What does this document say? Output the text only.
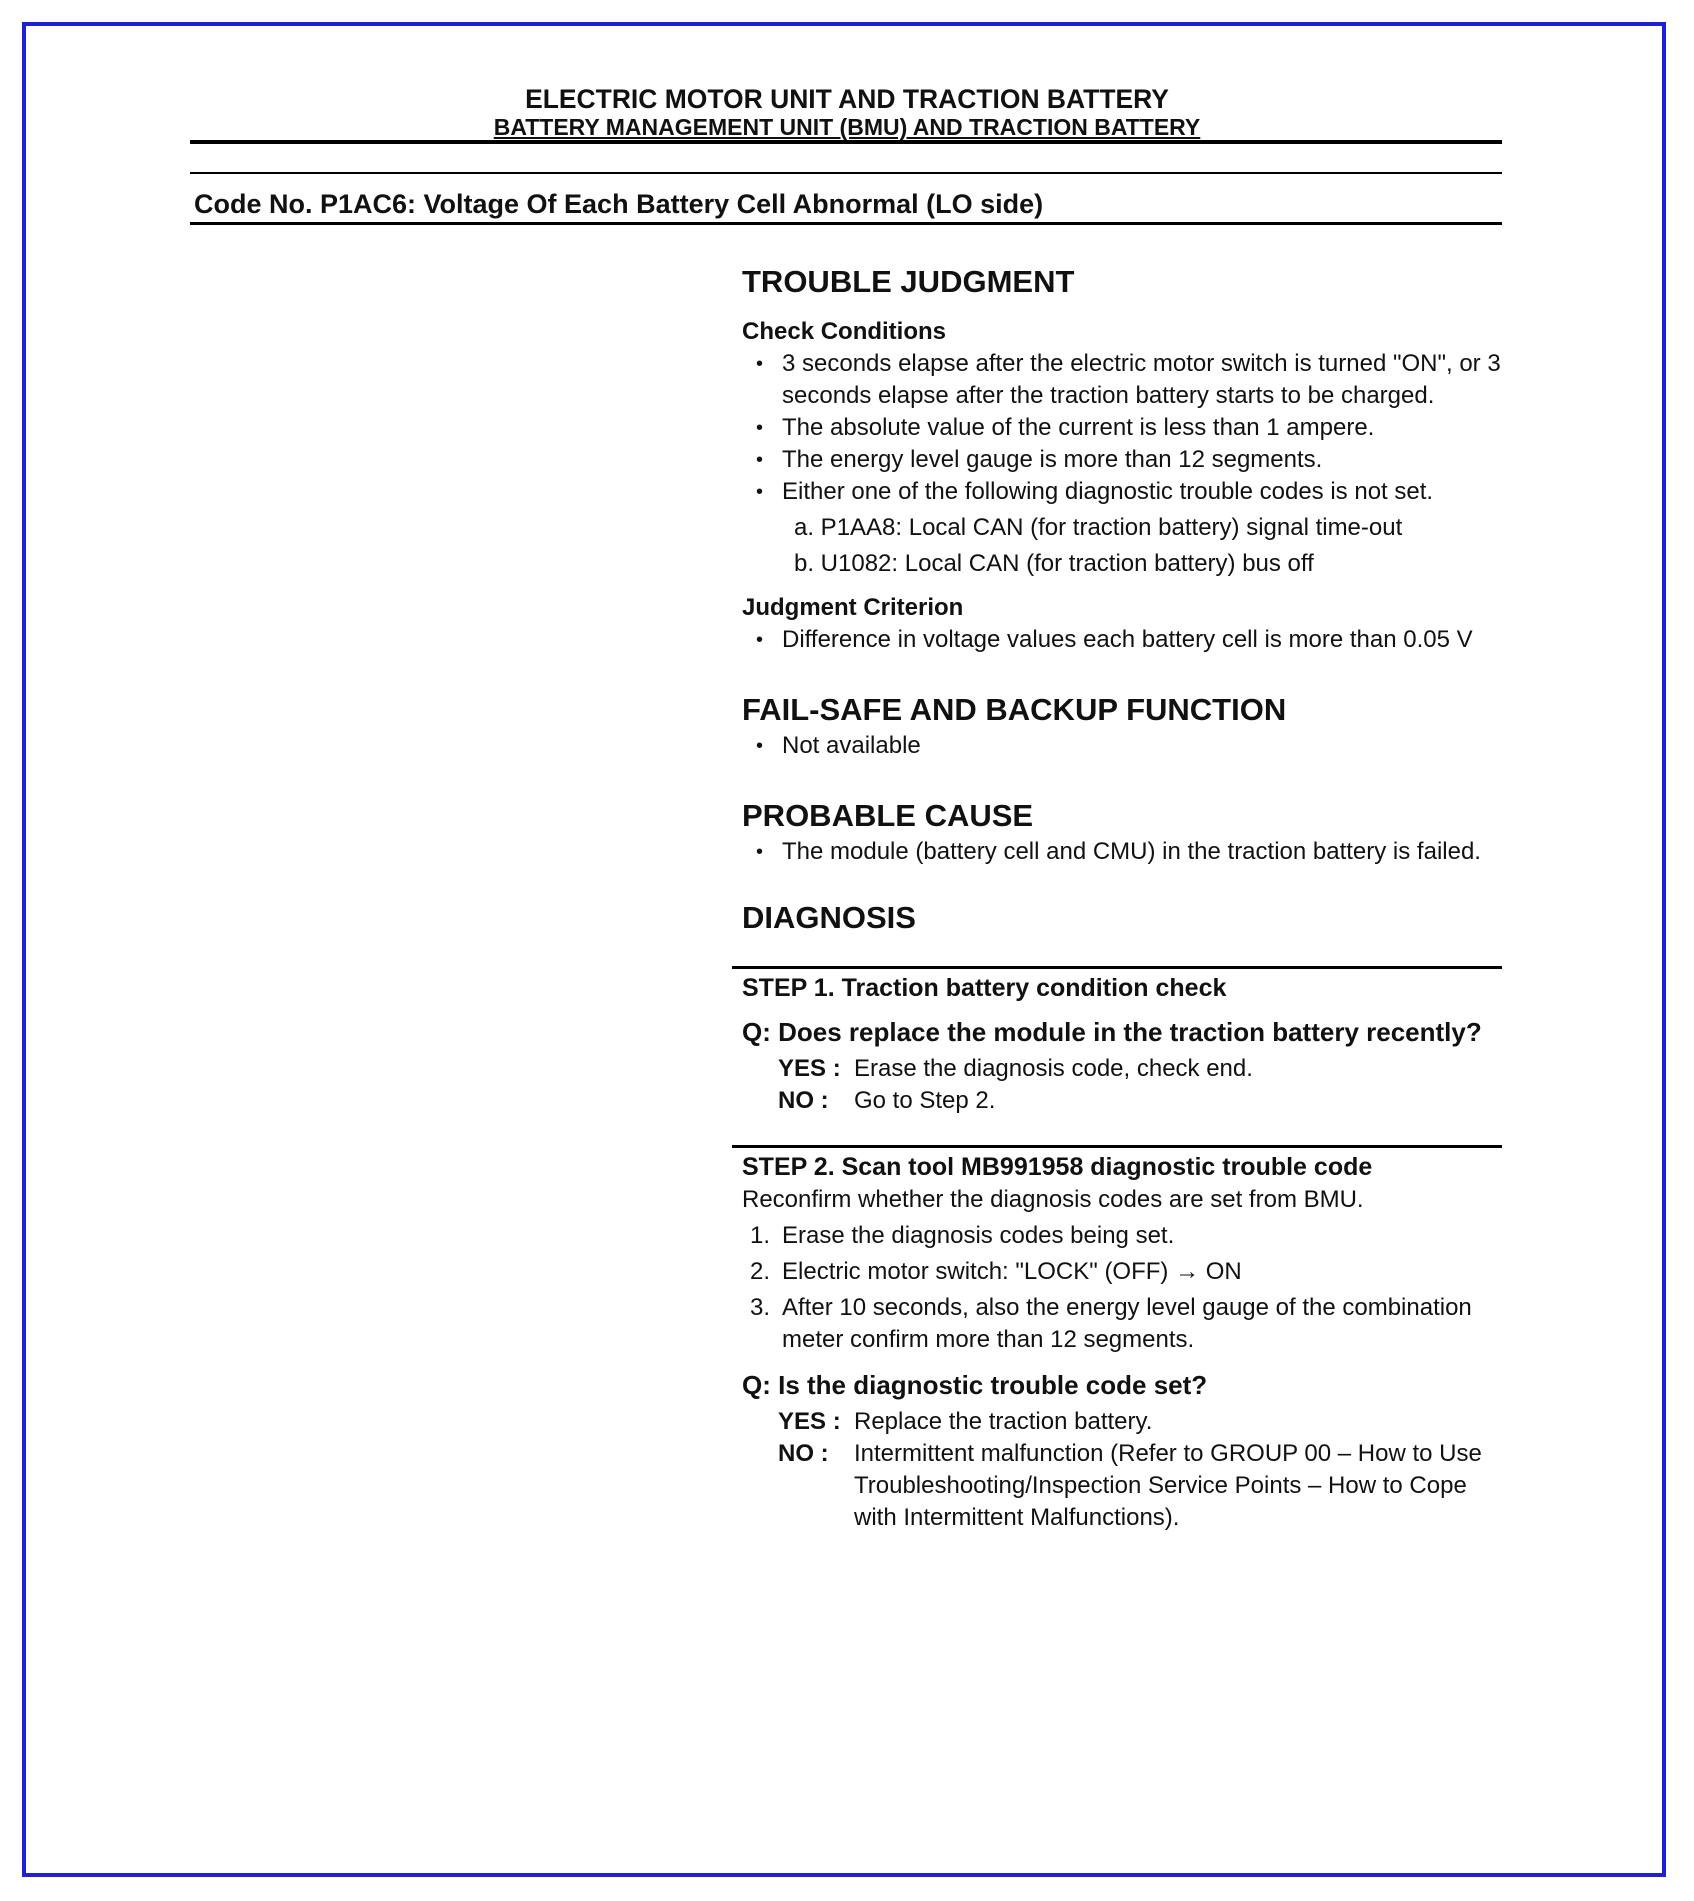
ELECTRIC MOTOR UNIT AND TRACTION BATTERY
BATTERY MANAGEMENT UNIT (BMU) AND TRACTION BATTERY
Code No. P1AC6: Voltage Of Each Battery Cell Abnormal (LO side)
TROUBLE JUDGMENT
Check Conditions
• 3 seconds elapse after the electric motor switch is turned "ON", or 3 seconds elapse after the traction battery starts to be charged.
• The absolute value of the current is less than 1 ampere.
• The energy level gauge is more than 12 segments.
• Either one of the following diagnostic trouble codes is not set.
a. P1AA8: Local CAN (for traction battery) signal time-out
b. U1082: Local CAN (for traction battery) bus off
Judgment Criterion
• Difference in voltage values each battery cell is more than 0.05 V
FAIL-SAFE AND BACKUP FUNCTION
• Not available
PROBABLE CAUSE
• The module (battery cell and CMU) in the traction battery is failed.
DIAGNOSIS
STEP 1. Traction battery condition check
Q: Does replace the module in the traction battery recently?
YES : Erase the diagnosis code, check end.
NO :	Go to Step 2.
STEP 2. Scan tool MB991958 diagnostic trouble code
Reconfirm whether the diagnosis codes are set from BMU.
1. Erase the diagnosis codes being set.
2. Electric motor switch: "LOCK" (OFF) → ON
3. After 10 seconds, also the energy level gauge of the combination meter confirm more than 12 segments.
Q: Is the diagnostic trouble code set?
YES : Replace the traction battery.
NO :	Intermittent malfunction (Refer to GROUP 00 – How to Use Troubleshooting/Inspection Service Points – How to Cope with Intermittent Malfunctions).
